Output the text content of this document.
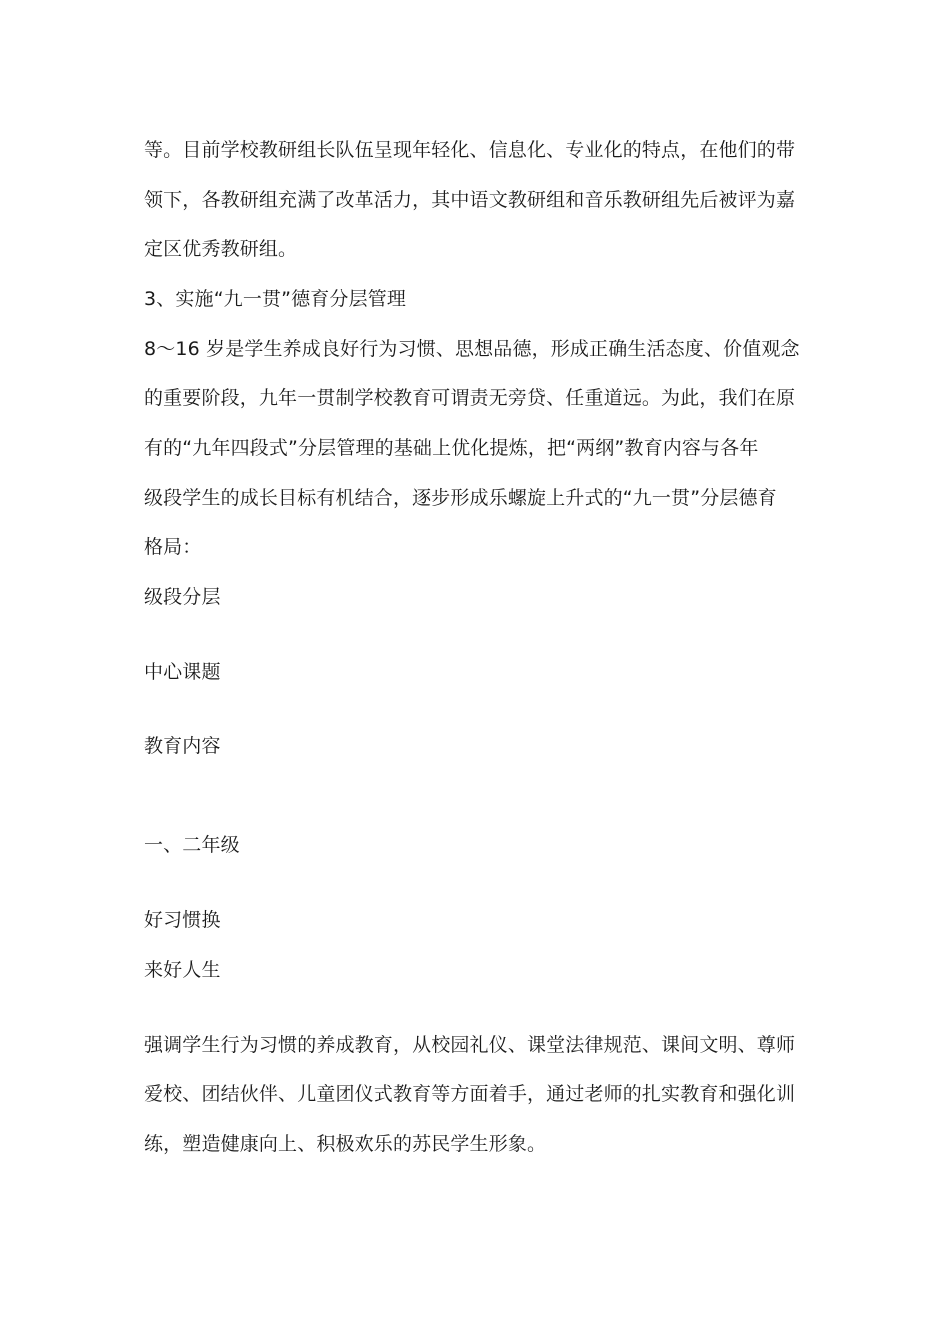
等。目前学校教研组长队伍呈现年轻化、信息化、专业化的特点，在他们的带
领下，各教研组充满了改革活力，其中语文教研组和音乐教研组先后被评为嘉
定区优秀教研组。
3、实施“九一贯”德育分层管理
8～16 岁是学生养成良好行为习惯、思想品德，形成正确生活态度、价值观念
的重要阶段，九年一贯制学校教育可谓责无旁贷、任重道远。为此，我们在原
有的“九年四段式”分层管理的基础上优化提炼，把“两纲”教育内容与各年
级段学生的成长目标有机结合，逐步形成乐螺旋上升式的“九一贯”分层德育
格局：
级段分层
中心课题
教育内容
一、二年级
好习惯换
来好人生
强调学生行为习惯的养成教育，从校园礼仪、课堂法律规范、课间文明、尊师
爱校、团结伙伴、儿童团仪式教育等方面着手，通过老师的扎实教育和强化训
练，塑造健康向上、积极欢乐的苏民学生形象。
